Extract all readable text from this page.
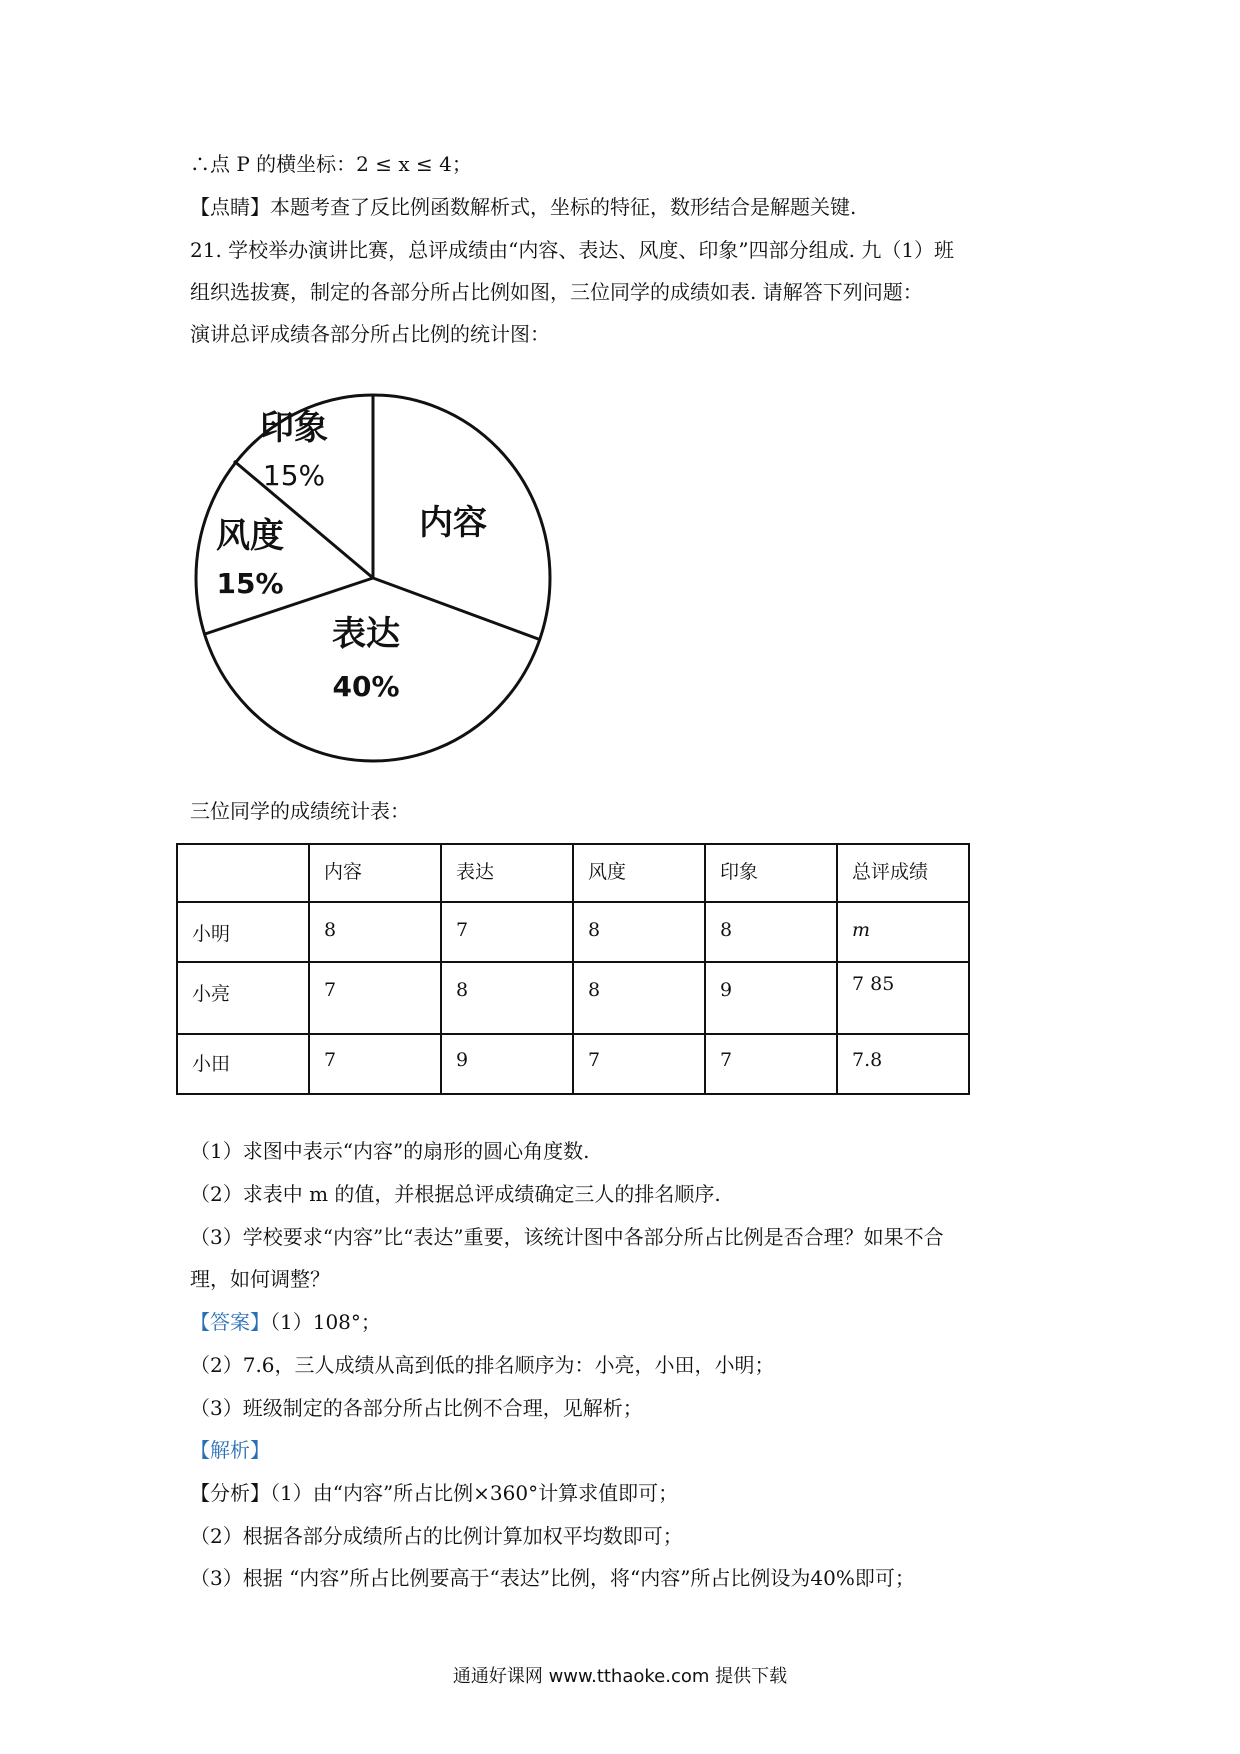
∴点 P 的横坐标：2 ≤ x ≤ 4；
【点睛】本题考查了反比例函数解析式，坐标的特征，数形结合是解题关键.
21. 学校举办演讲比赛，总评成绩由“内容、表达、风度、印象”四部分组成. 九（1）班
组织选拔赛，制定的各部分所占比例如图，三位同学的成绩如表. 请解答下列问题：
演讲总评成绩各部分所占比例的统计图：
印象
15%
内容
风度
15%
表达
40%
三位同学的成绩统计表：
	内容	表达	风度	印象	总评成绩
小明	8	7	8	8	m
小亮	7	8	8	9	7 85
小田	7	9	7	7	7.8
（1）求图中表示“内容”的扇形的圆心角度数.
（2）求表中 m 的值，并根据总评成绩确定三人的排名顺序.
（3）学校要求“内容”比“表达”重要，该统计图中各部分所占比例是否合理？如果不合
理，如何调整？
【答案】（1）108°；
（2）7.6，三人成绩从高到低的排名顺序为：小亮，小田，小明；
（3）班级制定的各部分所占比例不合理，见解析；
【解析】
【分析】（1）由“内容”所占比例×360°计算求值即可；
（2）根据各部分成绩所占的比例计算加权平均数即可；
（3）根据 “内容”所占比例要高于“表达”比例，将“内容”所占比例设为40%即可；
通通好课网 www.tthaoke.com 提供下载
